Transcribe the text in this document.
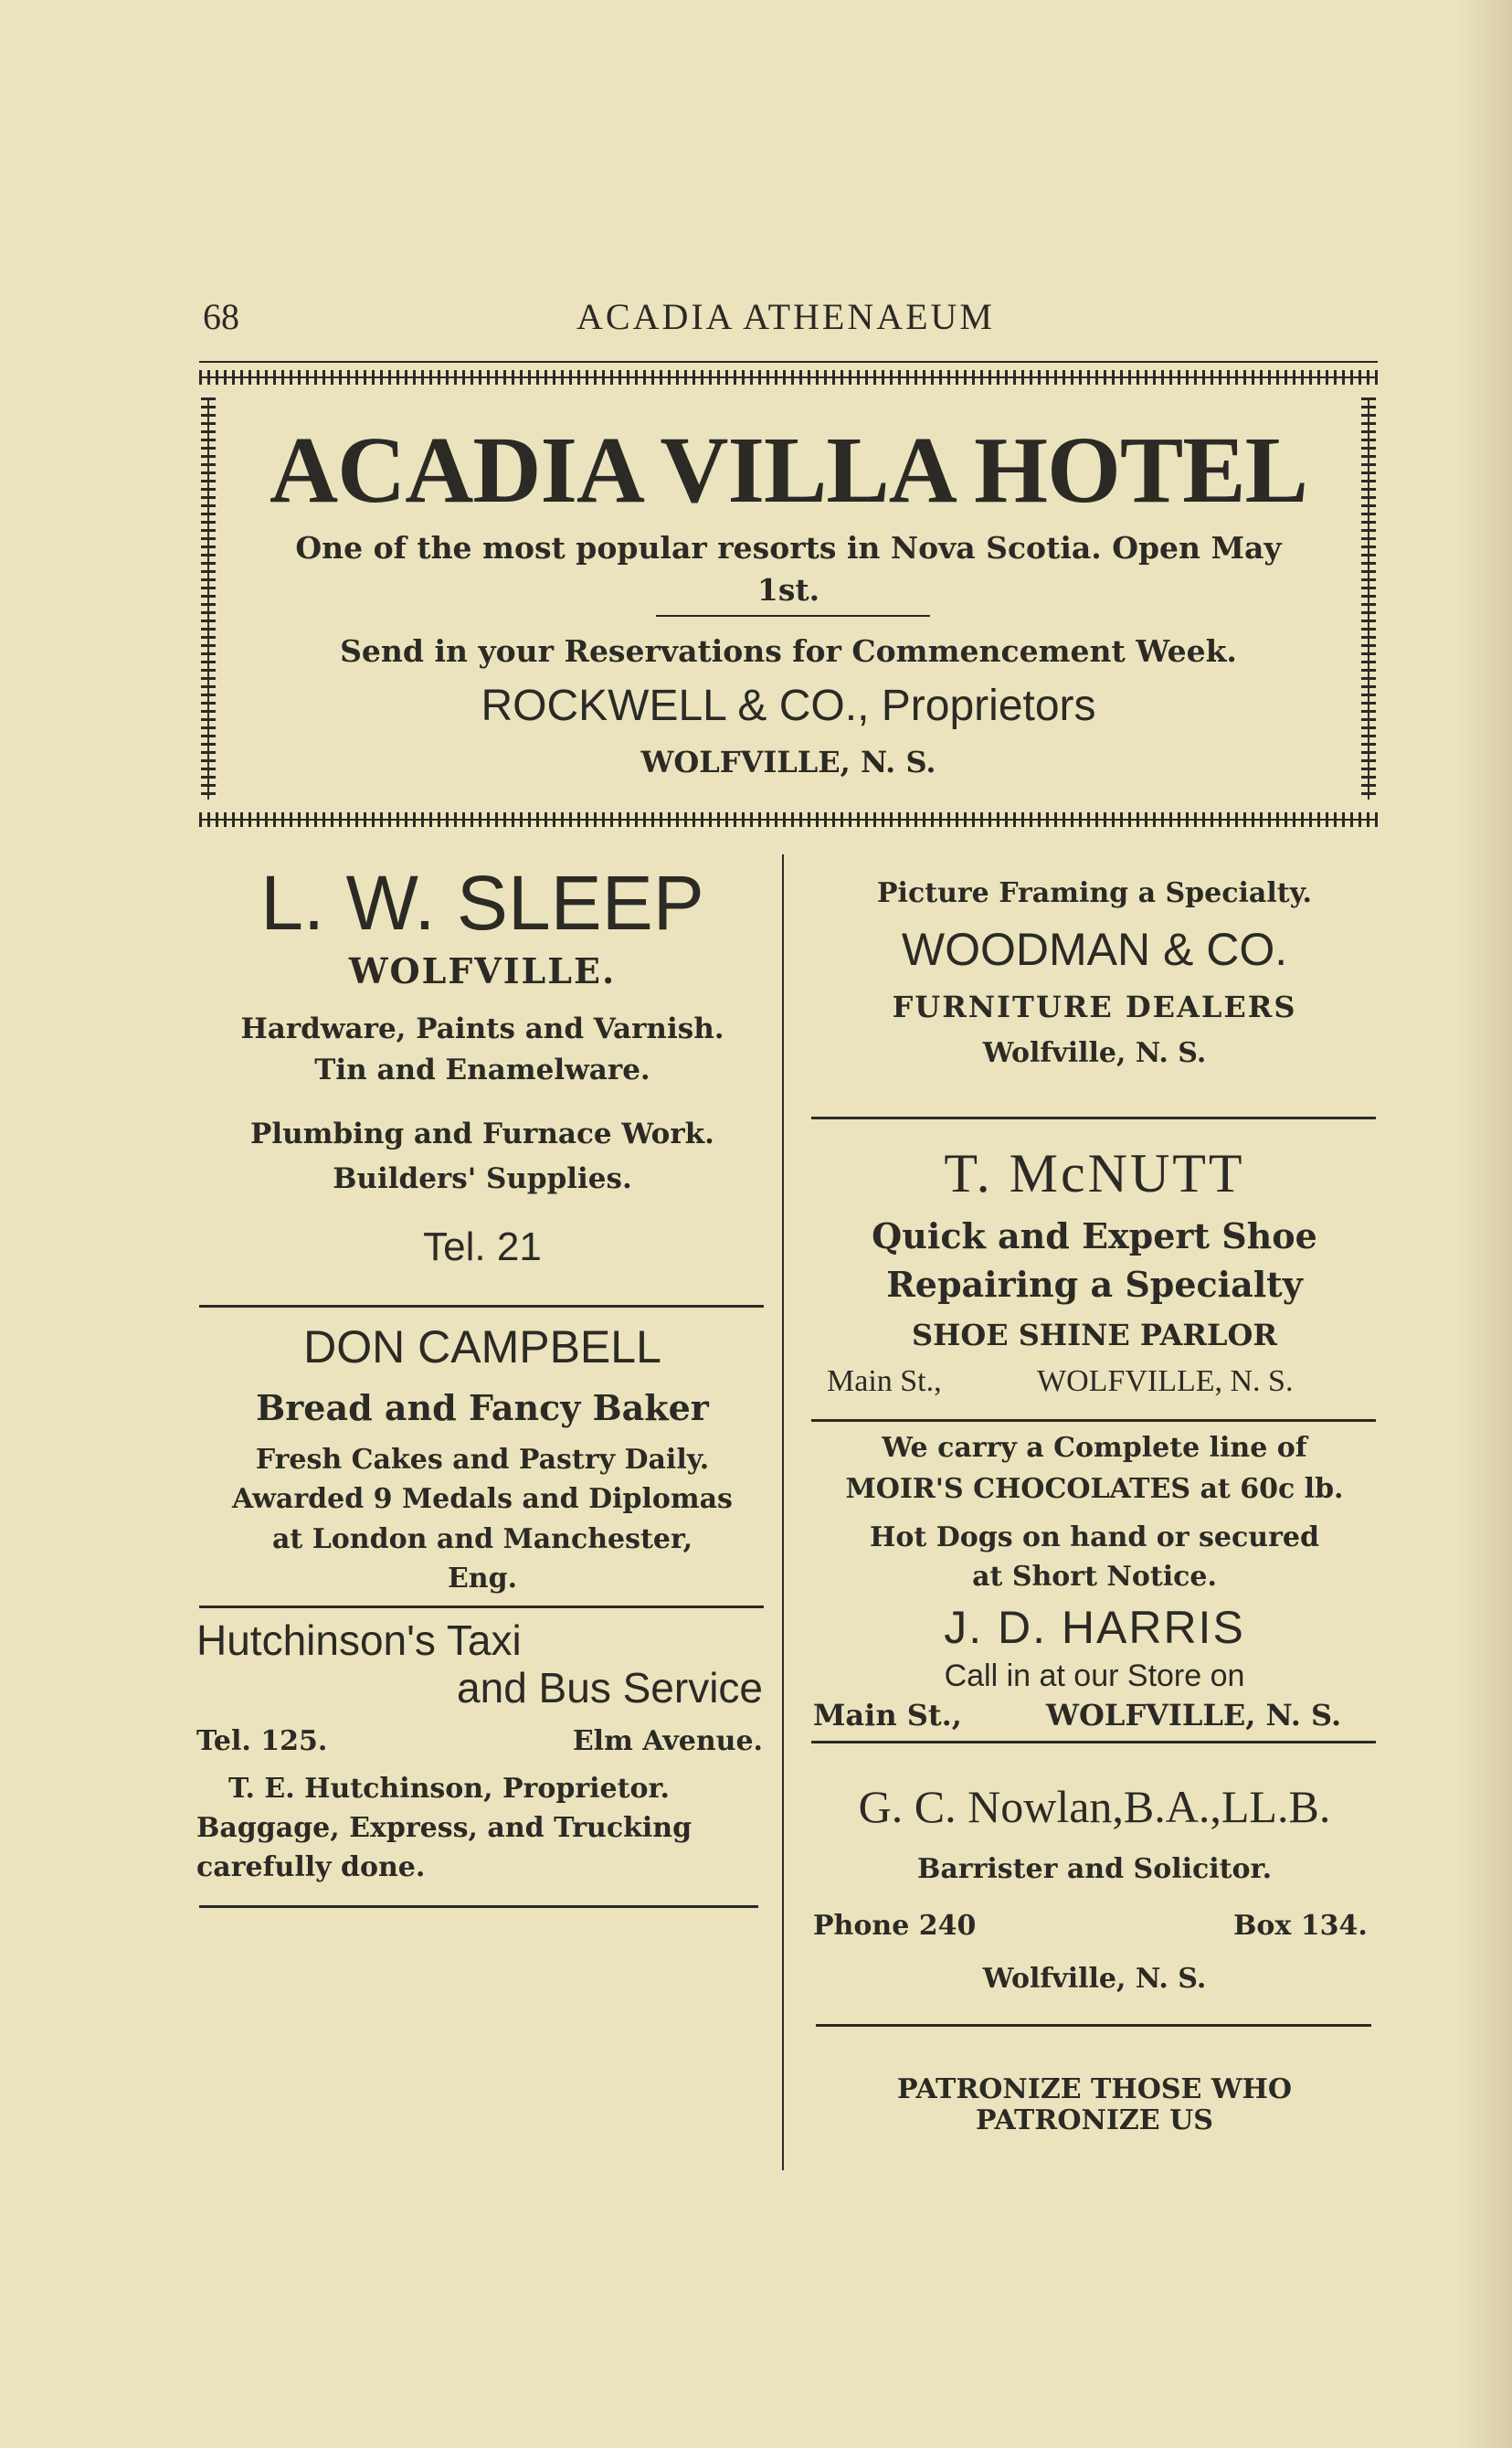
68	ACADIA ATHENAEUM
ACADIA VILLA HOTEL
One of the most popular resorts in Nova Scotia. Open May 1st.
Send in your Reservations for Commencement Week.
ROCKWELL & CO., Proprietors
WOLFVILLE, N. S.
L. W. SLEEP
WOLFVILLE.
Hardware, Paints and Varnish.
Tin and Enamelware.
Plumbing and Furnace Work.
Builders' Supplies.
Tel. 21
DON CAMPBELL
Bread and Fancy Baker
Fresh Cakes and Pastry Daily.
Awarded 9 Medals and Diplomas
at London and Manchester,
Eng.
Hutchinson's Taxi
and Bus Service
Tel. 125.	Elm Avenue.
T. E. Hutchinson, Proprietor.
Baggage, Express, and Trucking
carefully done.
Picture Framing a Specialty.
WOODMAN & CO.
FURNITURE DEALERS
Wolfville, N. S.
T. McNUTT
Quick and Expert Shoe
Repairing a Specialty
SHOE SHINE PARLOR
Main St.,	WOLFVILLE, N. S.
We carry a Complete line of
MOIR'S CHOCOLATES at 60c lb.
Hot Dogs on hand or secured
at Short Notice.
J. D. HARRIS
Call in at our Store on
Main St.,	WOLFVILLE, N. S.
G. C. Nowlan,B.A.,LL.B.
Barrister and Solicitor.
Phone 240	Box 134.
Wolfville, N. S.
PATRONIZE THOSE WHO
PATRONIZE US
